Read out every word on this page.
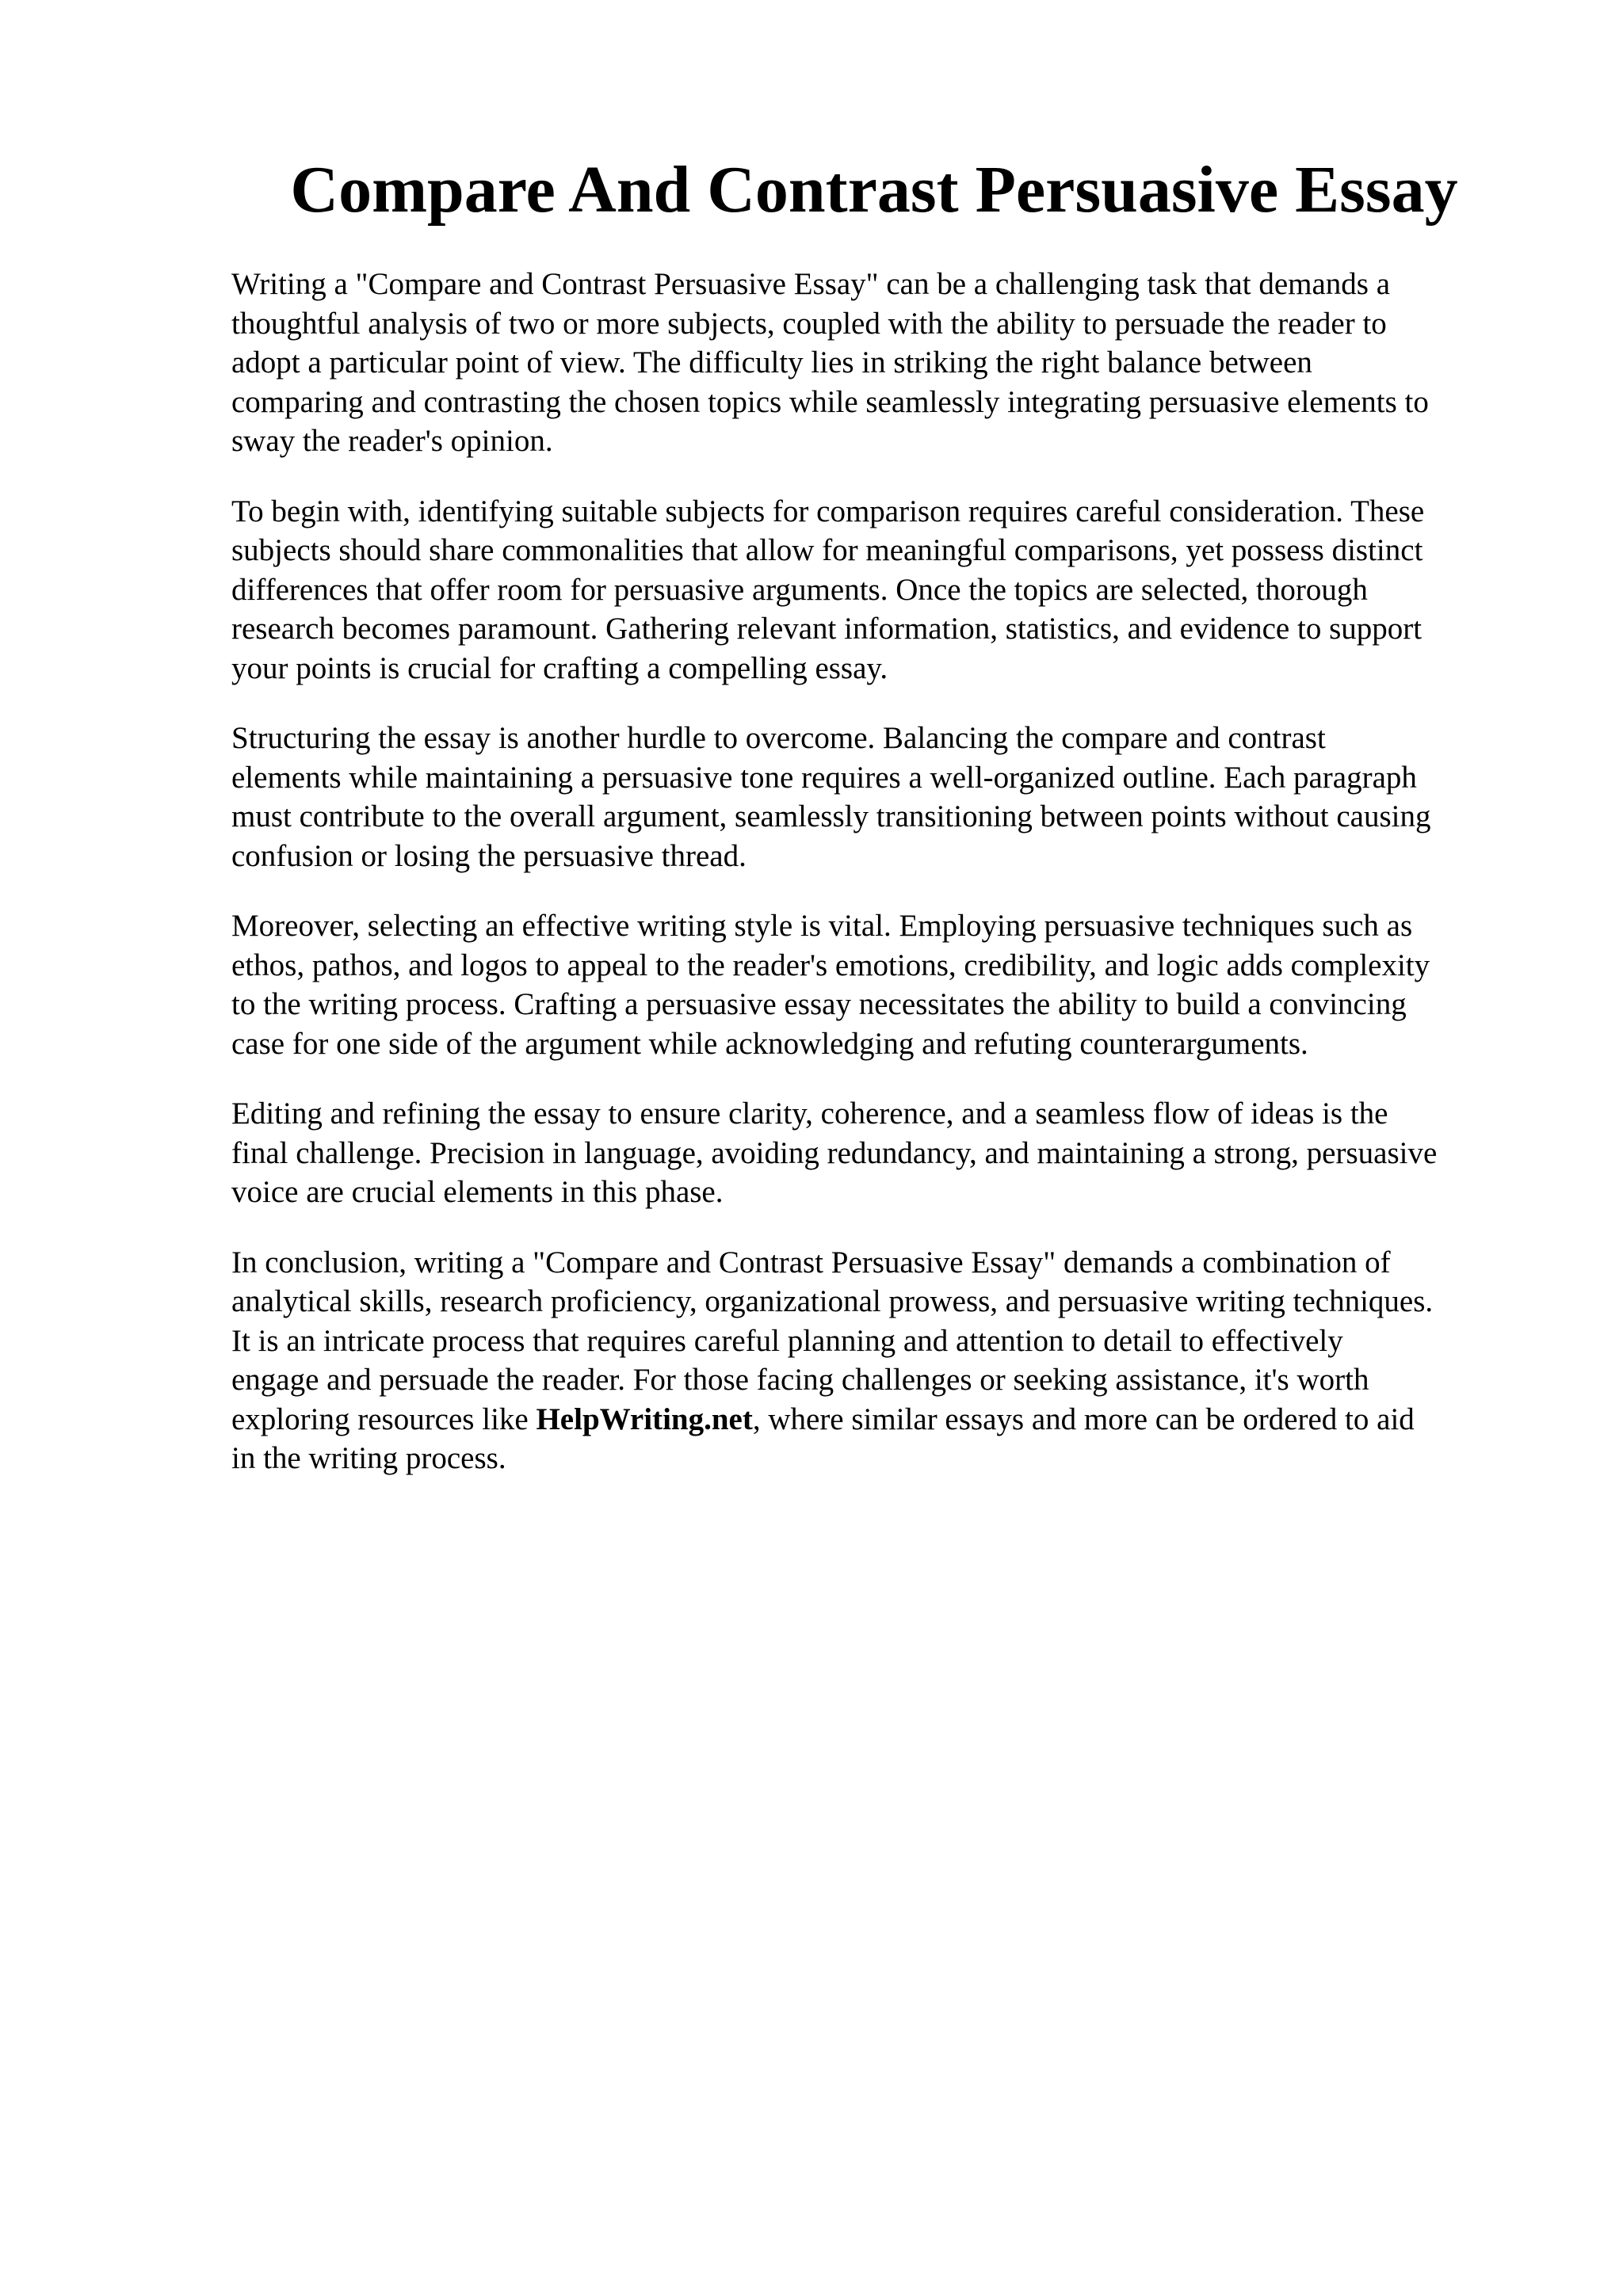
Compare And Contrast Persuasive Essay

Writing a "Compare and Contrast Persuasive Essay" can be a challenging task that demands a
thoughtful analysis of two or more subjects, coupled with the ability to persuade the reader to
adopt a particular point of view. The difficulty lies in striking the right balance between
comparing and contrasting the chosen topics while seamlessly integrating persuasive elements to
sway the reader's opinion.

To begin with, identifying suitable subjects for comparison requires careful consideration. These
subjects should share commonalities that allow for meaningful comparisons, yet possess distinct
differences that offer room for persuasive arguments. Once the topics are selected, thorough
research becomes paramount. Gathering relevant information, statistics, and evidence to support
your points is crucial for crafting a compelling essay.

Structuring the essay is another hurdle to overcome. Balancing the compare and contrast
elements while maintaining a persuasive tone requires a well-organized outline. Each paragraph
must contribute to the overall argument, seamlessly transitioning between points without causing
confusion or losing the persuasive thread.

Moreover, selecting an effective writing style is vital. Employing persuasive techniques such as
ethos, pathos, and logos to appeal to the reader's emotions, credibility, and logic adds complexity
to the writing process. Crafting a persuasive essay necessitates the ability to build a convincing
case for one side of the argument while acknowledging and refuting counterarguments.

Editing and refining the essay to ensure clarity, coherence, and a seamless flow of ideas is the
final challenge. Precision in language, avoiding redundancy, and maintaining a strong, persuasive
voice are crucial elements in this phase.

In conclusion, writing a "Compare and Contrast Persuasive Essay" demands a combination of
analytical skills, research proficiency, organizational prowess, and persuasive writing techniques.
It is an intricate process that requires careful planning and attention to detail to effectively
engage and persuade the reader. For those facing challenges or seeking assistance, it's worth
exploring resources like HelpWriting.net, where similar essays and more can be ordered to aid
in the writing process.
